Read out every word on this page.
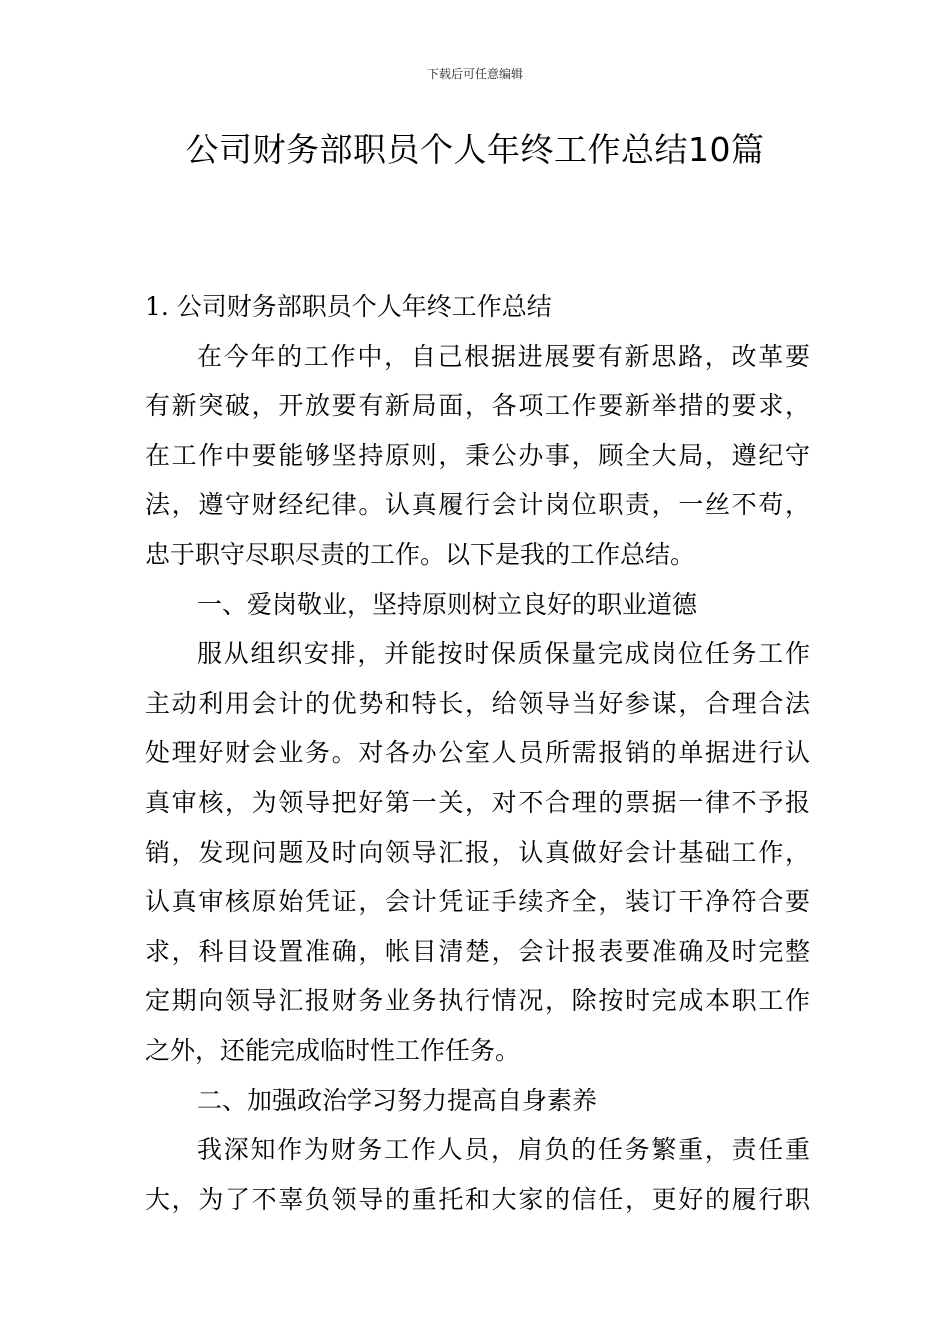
下载后可任意编辑
公司财务部职员个人年终工作总结10篇
1. 公司财务部职员个人年终工作总结
在今年的工作中，自己根据进展要有新思路，改革要
有新突破，开放要有新局面，各项工作要新举措的要求，
在工作中要能够坚持原则，秉公办事，顾全大局，遵纪守
法，遵守财经纪律。认真履行会计岗位职责，一丝不苟，
忠于职守尽职尽责的工作。以下是我的工作总结。
一、爱岗敬业，坚持原则树立良好的职业道德
服从组织安排，并能按时保质保量完成岗位任务工作
主动利用会计的优势和特长，给领导当好参谋，合理合法
处理好财会业务。对各办公室人员所需报销的单据进行认
真审核，为领导把好第一关，对不合理的票据一律不予报
销，发现问题及时向领导汇报，认真做好会计基础工作，
认真审核原始凭证，会计凭证手续齐全，装订干净符合要
求，科目设置准确，帐目清楚，会计报表要准确及时完整
定期向领导汇报财务业务执行情况，除按时完成本职工作
之外，还能完成临时性工作任务。
二、加强政治学习努力提高自身素养
我深知作为财务工作人员，肩负的任务繁重，责任重
大，为了不辜负领导的重托和大家的信任，更好的履行职
